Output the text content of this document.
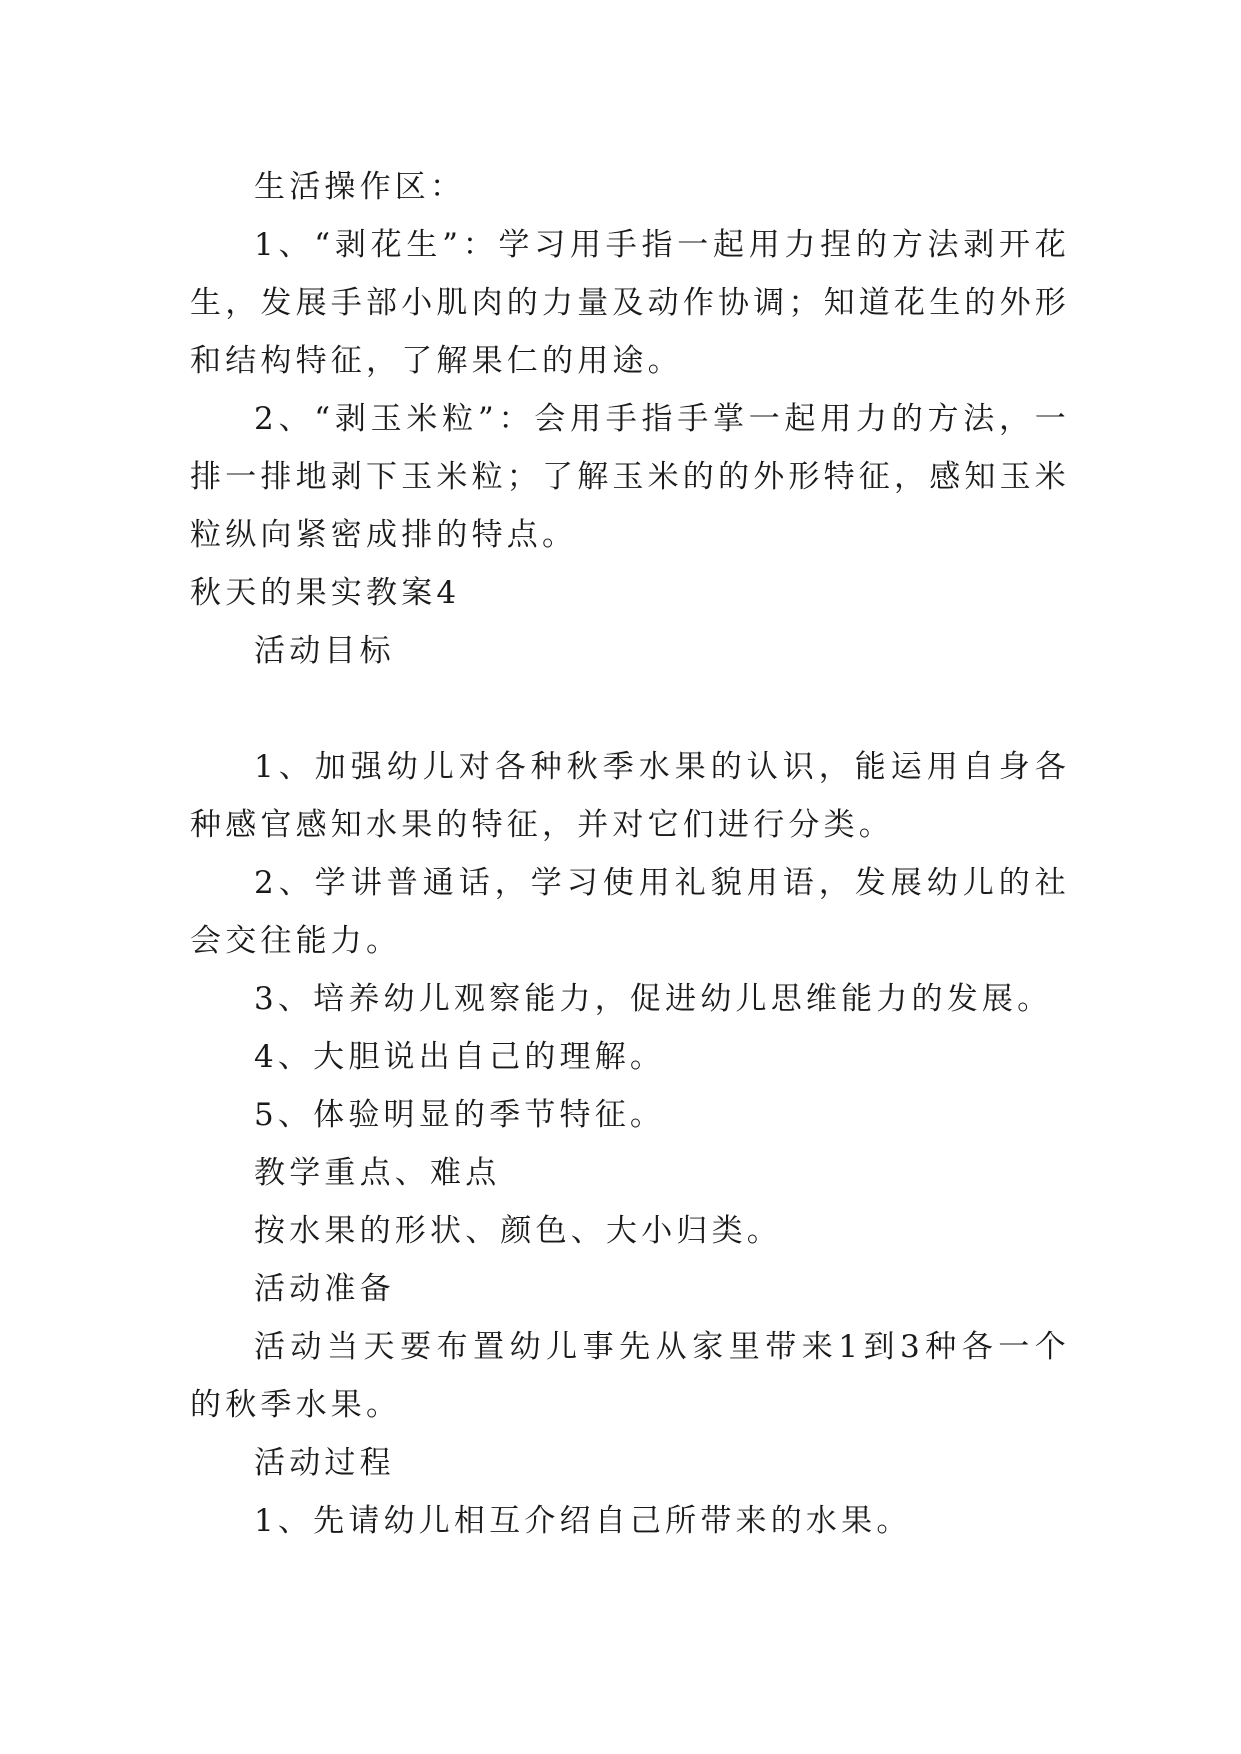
生活操作区：

1、“剥花生”：学习用手指一起用力捏的方法剥开花生，发展手部小肌肉的力量及动作协调；知道花生的外形和结构特征，了解果仁的用途。

2、“剥玉米粒”：会用手指手掌一起用力的方法，一排一排地剥下玉米粒；了解玉米的的外形特征，感知玉米粒纵向紧密成排的特点。

秋天的果实教案4

活动目标

1、加强幼儿对各种秋季水果的认识，能运用自身各种感官感知水果的特征，并对它们进行分类。

2、学讲普通话，学习使用礼貌用语，发展幼儿的社会交往能力。

3、培养幼儿观察能力，促进幼儿思维能力的发展。

4、大胆说出自己的理解。

5、体验明显的季节特征。

教学重点、难点

按水果的形状、颜色、大小归类。

活动准备

活动当天要布置幼儿事先从家里带来1到3种各一个的秋季水果。

活动过程

1、先请幼儿相互介绍自己所带来的水果。
